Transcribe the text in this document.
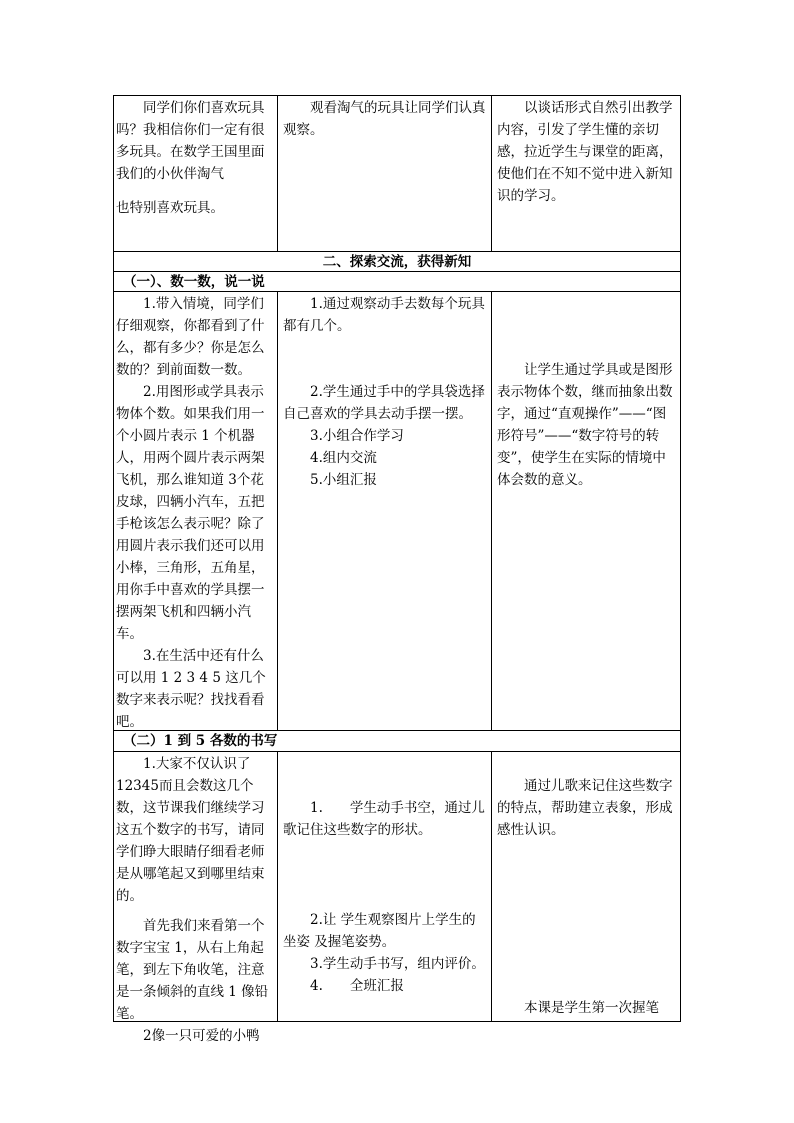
同学们你们喜欢玩具吗？我相信你们一定有很多玩具。在数学王国里面我们的小伙伴淘气

也特别喜欢玩具。

观看淘气的玩具让同学们认真观察。

以谈话形式自然引出教学内容，引发了学生懂的亲切感，拉近学生与课堂的距离，使他们在不知不觉中进入新知识的学习。

二、探索交流，获得新知
（一）、数一数，说一说

1.带入情境，同学们仔细观察，你都看到了什么，都有多少？你是怎么数的？到前面数一数。

2.用图形或学具表示物体个数。如果我们用一个小圆片表示 1 个机器人，用两个圆片表示两架飞机，那么谁知道 3个花皮球，四辆小汽车，五把手枪该怎么表示呢？除了用圆片表示我们还可以用小棒，三角形，五角星，用你手中喜欢的学具摆一摆两架飞机和四辆小汽车。

3.在生活中还有什么可以用 1 2 3 4 5 这几个数字来表示呢？找找看看吧。

1.通过观察动手去数每个玩具都有几个。

2.学生通过手中的学具袋选择自己喜欢的学具去动手摆一摆。

3.小组合作学习

4.组内交流

5.小组汇报

让学生通过学具或是图形表示物体个数，继而抽象出数字，通过“直观操作”——“图形符号”——“数字符号的转变”，使学生在实际的情境中体会数的意义。

（二）1 到 5 各数的书写

1.大家不仅认识了12345而且会数这几个数，这节课我们继续学习这五个数字的书写，请同学们睁大眼睛仔细看老师是从哪笔起又到哪里结束的。

首先我们来看第一个数字宝宝 1，从右上角起笔，到左下角收笔，注意是一条倾斜的直线 1 像铅笔。

2像一只可爱的小鸭

1.　　学生动手书空，通过儿歌记住这些数字的形状。

2.让 学生观察图片上学生的坐姿 及握笔姿势。

3.学生动手书写，组内评价。

4.　　全班汇报

通过儿歌来记住这些数字的特点，帮助建立表象，形成感性认识。

本课是学生第一次握笔
